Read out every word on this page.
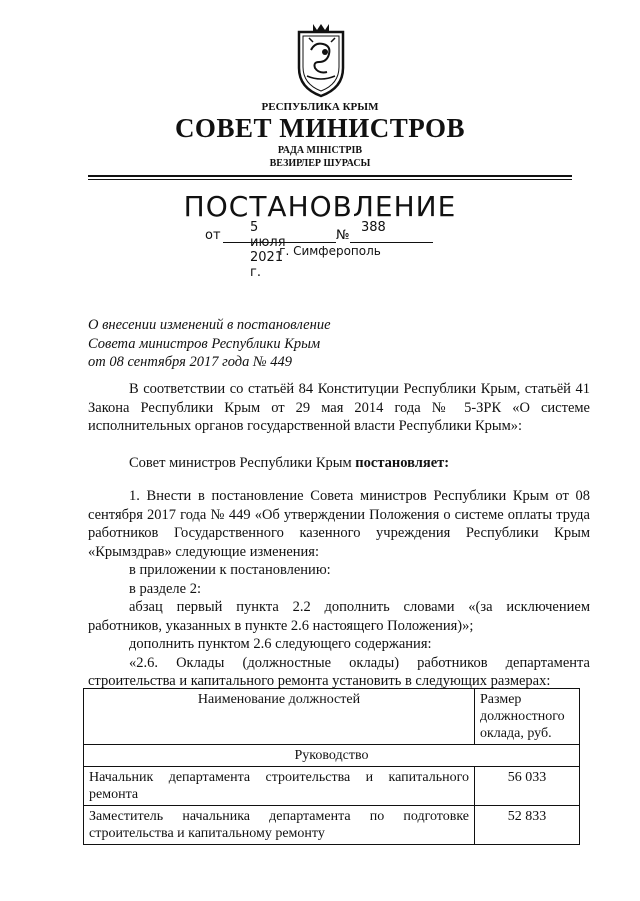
РЕСПУБЛИКА КРЫМ
СОВЕТ МИНИСТРОВ
РАДА МІНІСТРІВ
ВЕЗИРЛЕР ШУРАСЫ
ПОСТАНОВЛЕНИЕ
от	№
5 июля 2021 г.
388
г. Симферополь
О внесении изменений в постановление
Совета министров Республики Крым
от 08 сентября 2017 года № 449

В соответствии со статьёй 84 Конституции Республики Крым, статьёй 41 Закона Республики Крым от 29 мая 2014 года № 5-ЗРК «О системе исполнительных органов государственной власти Республики Крым»:

Совет министров Республики Крым постановляет:

1. Внести в постановление Совета министров Республики Крым от 08 сентября 2017 года № 449 «Об утверждении Положения о системе оплаты труда работников Государственного казенного учреждения Республики Крым «Крымздрав» следующие изменения:

в приложении к постановлению:

в разделе 2:

абзац первый пункта 2.2 дополнить словами «(за исключением работников, указанных в пункте 2.6 настоящего Положения)»;

дополнить пунктом 2.6 следующего содержания:

«2.6. Оклады (должностные оклады) работников департамента строительства и капитального ремонта установить в следующих размерах:

Наименование должностей	Размер должностного оклада, руб.
Руководство	
Начальник департамента строительства и капитального ремонта	56 033
Заместитель начальника департамента по подготовке строительства и капитальному ремонту	52 833
